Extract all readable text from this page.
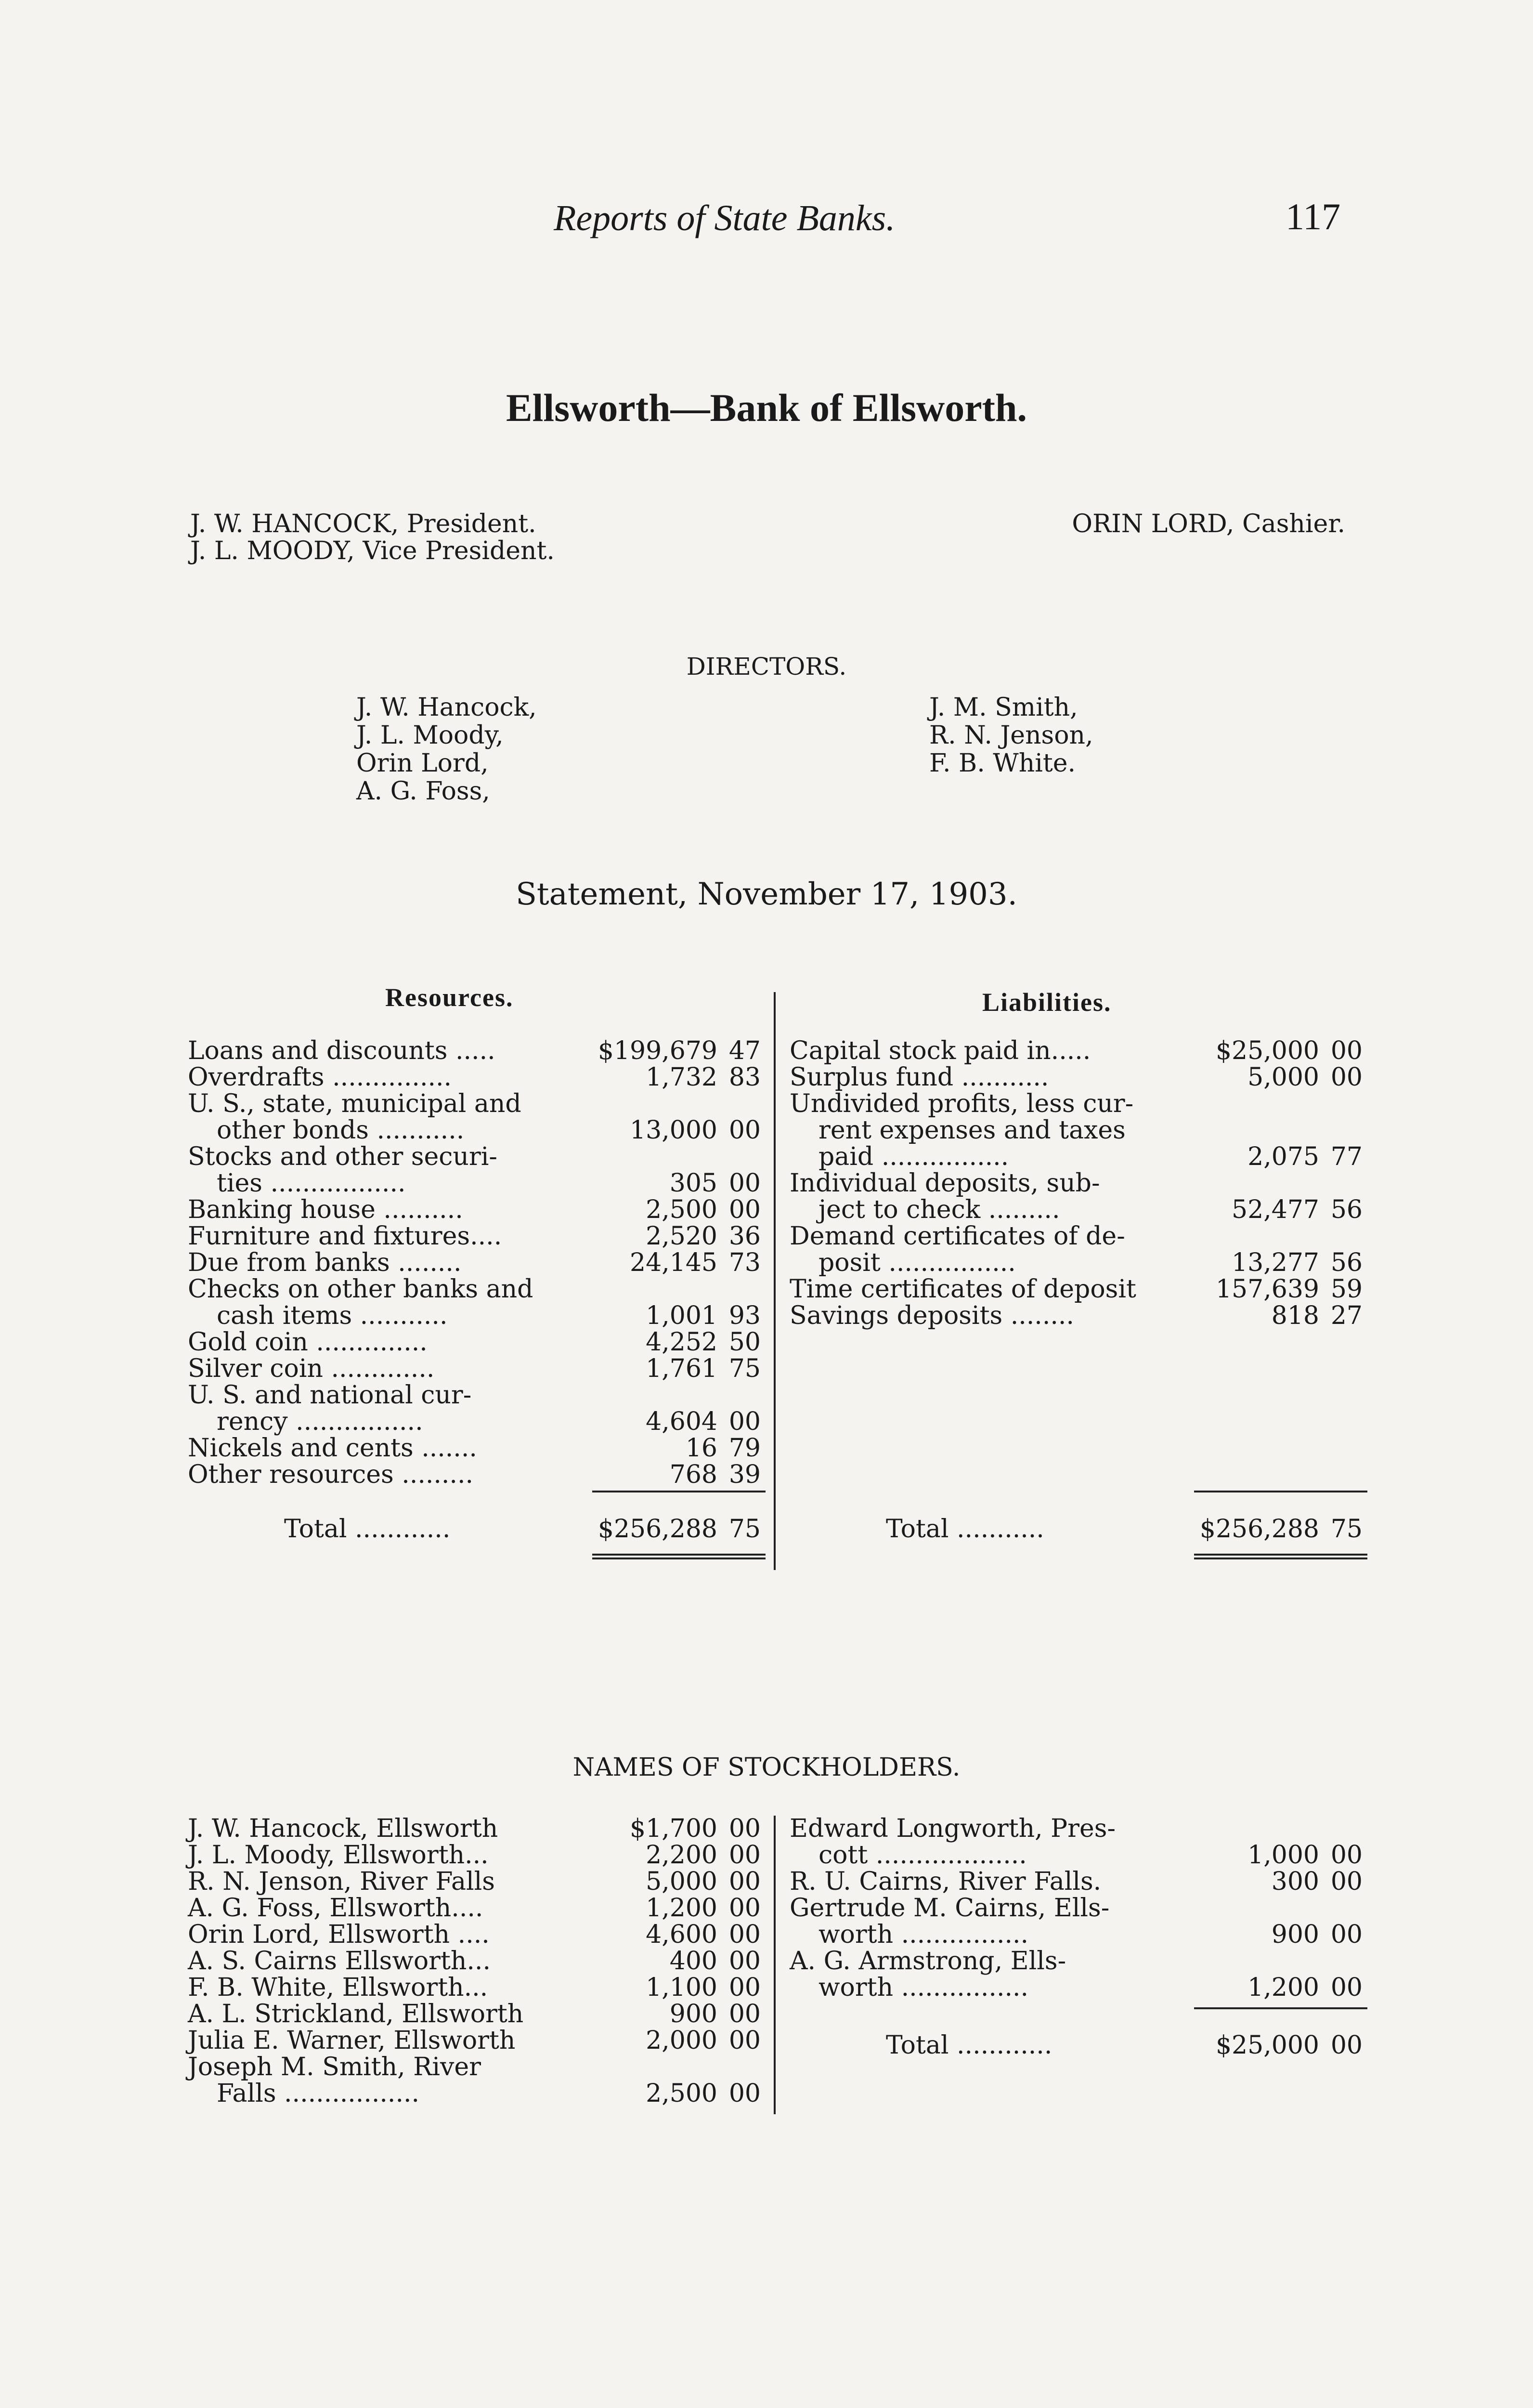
Reports of State Banks.	117
Ellsworth—Bank of Ellsworth.
J. W. HANCOCK, President.
J. L. MOODY, Vice President.
ORIN LORD, Cashier.
DIRECTORS.
J. W. Hancock,
J. L. Moody,
Orin Lord,
A. G. Foss,
J. M. Smith,
R. N. Jenson,
F. B. White.
Statement, November 17, 1903.
Resources.	Liabilities.
Loans and discounts .....	$199,679 47
Overdrafts ...............	1,732 83
U. S., state, municipal and
other bonds ...........	13,000 00
Stocks and other securi-
ties .................	305 00
Banking house ..........	2,500 00
Furniture and fixtures....	2,520 36
Due from banks ........	24,145 73
Checks on other banks and
cash items ...........	1,001 93
Gold coin ..............	4,252 50
Silver coin .............	1,761 75
U. S. and national cur-
rency ................	4,604 00
Nickels and cents .......	16 79
Other resources .........	768 39
Total ............	$256,288 75
Capital stock paid in.....	$25,000 00
Surplus fund ...........	5,000 00
Undivided profits, less cur-
rent expenses and taxes
paid ................	2,075 77
Individual deposits, sub-
ject to check .........	52,477 56
Demand certificates of de-
posit ................	13,277 56
Time certificates of deposit	157,639 59
Savings deposits ........	818 27
Total ...........	$256,288 75
NAMES OF STOCKHOLDERS.
J. W. Hancock, Ellsworth	$1,700 00
J. L. Moody, Ellsworth...	2,200 00
R. N. Jenson, River Falls	5,000 00
A. G. Foss, Ellsworth....	1,200 00
Orin Lord, Ellsworth ....	4,600 00
A. S. Cairns Ellsworth...	400 00
F. B. White, Ellsworth...	1,100 00
A. L. Strickland, Ellsworth	900 00
Julia E. Warner, Ellsworth	2,000 00
Joseph M. Smith, River
Falls .................	2,500 00
Edward Longworth, Pres-
cott ...................	1,000 00
R. U. Cairns, River Falls.	300 00
Gertrude M. Cairns, Ells-
worth ................	900 00
A. G. Armstrong, Ells-
worth ................	1,200 00
Total ............	$25,000 00
